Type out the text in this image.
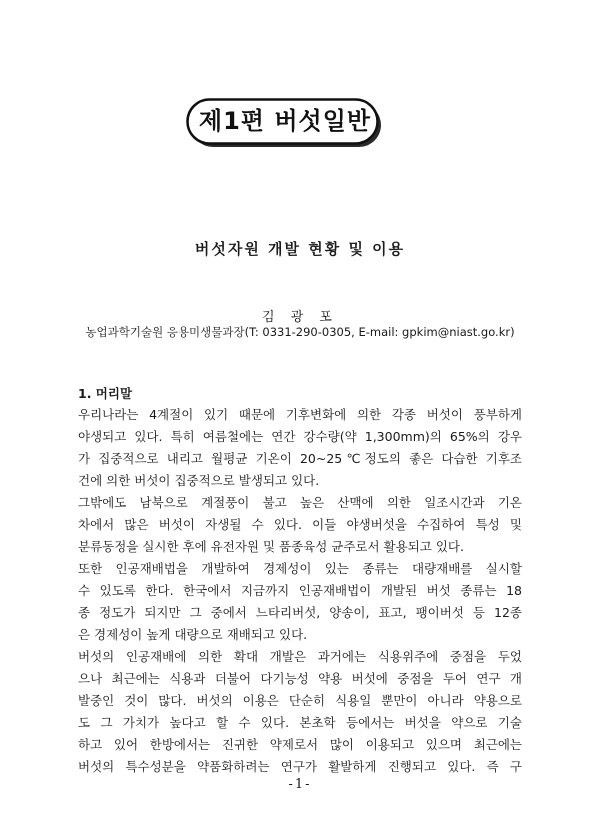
제1편 버섯일반
버섯자원 개발 현황 및 이용
김 광 포
농업과학기술원 응용미생물과장(T: 0331-290-0305, E-mail: gpkim@niast.go.kr)
1. 머리말
우리나라는 4계절이 있기 때문에 기후변화에 의한 각종 버섯이 풍부하게
야생되고 있다. 특히 여름철에는 연간 강수량(약 1,300mm)의 65%의 강우
가 집중적으로 내리고 월평균 기온이 20~25℃정도의 좋은 다습한 기후조
건에 의한 버섯이 집중적으로 발생되고 있다.
그밖에도 남북으로 계절풍이 불고 높은 산맥에 의한 일조시간과 기온
차에서 많은 버섯이 자생될 수 있다. 이들 야생버섯을 수집하여 특성 및
분류동정을 실시한 후에 유전자원 및 품종육성 균주로서 활용되고 있다.
또한 인공재배법을 개발하여 경제성이 있는 종류는 대량재배를 실시할
수 있도록 한다. 한국에서 지금까지 인공재배법이 개발된 버섯 종류는 18
종 정도가 되지만 그 중에서 느타리버섯, 양송이, 표고, 팽이버섯 등 12종
은 경제성이 높게 대량으로 재배되고 있다.
버섯의 인공재배에 의한 확대 개발은 과거에는 식용위주에 중점을 두었
으나 최근에는 식용과 더불어 다기능성 약용 버섯에 중점을 두어 연구 개
발중인 것이 많다. 버섯의 이용은 단순히 식용일 뿐만이 아니라 약용으로
도 그 가치가 높다고 할 수 있다. 본초학 등에서는 버섯을 약으로 기술
하고 있어 한방에서는 진귀한 약제로서 많이 이용되고 있으며 최근에는
버섯의 특수성분을 약품화하려는 연구가 활발하게 진행되고 있다. 즉 구
-1-
